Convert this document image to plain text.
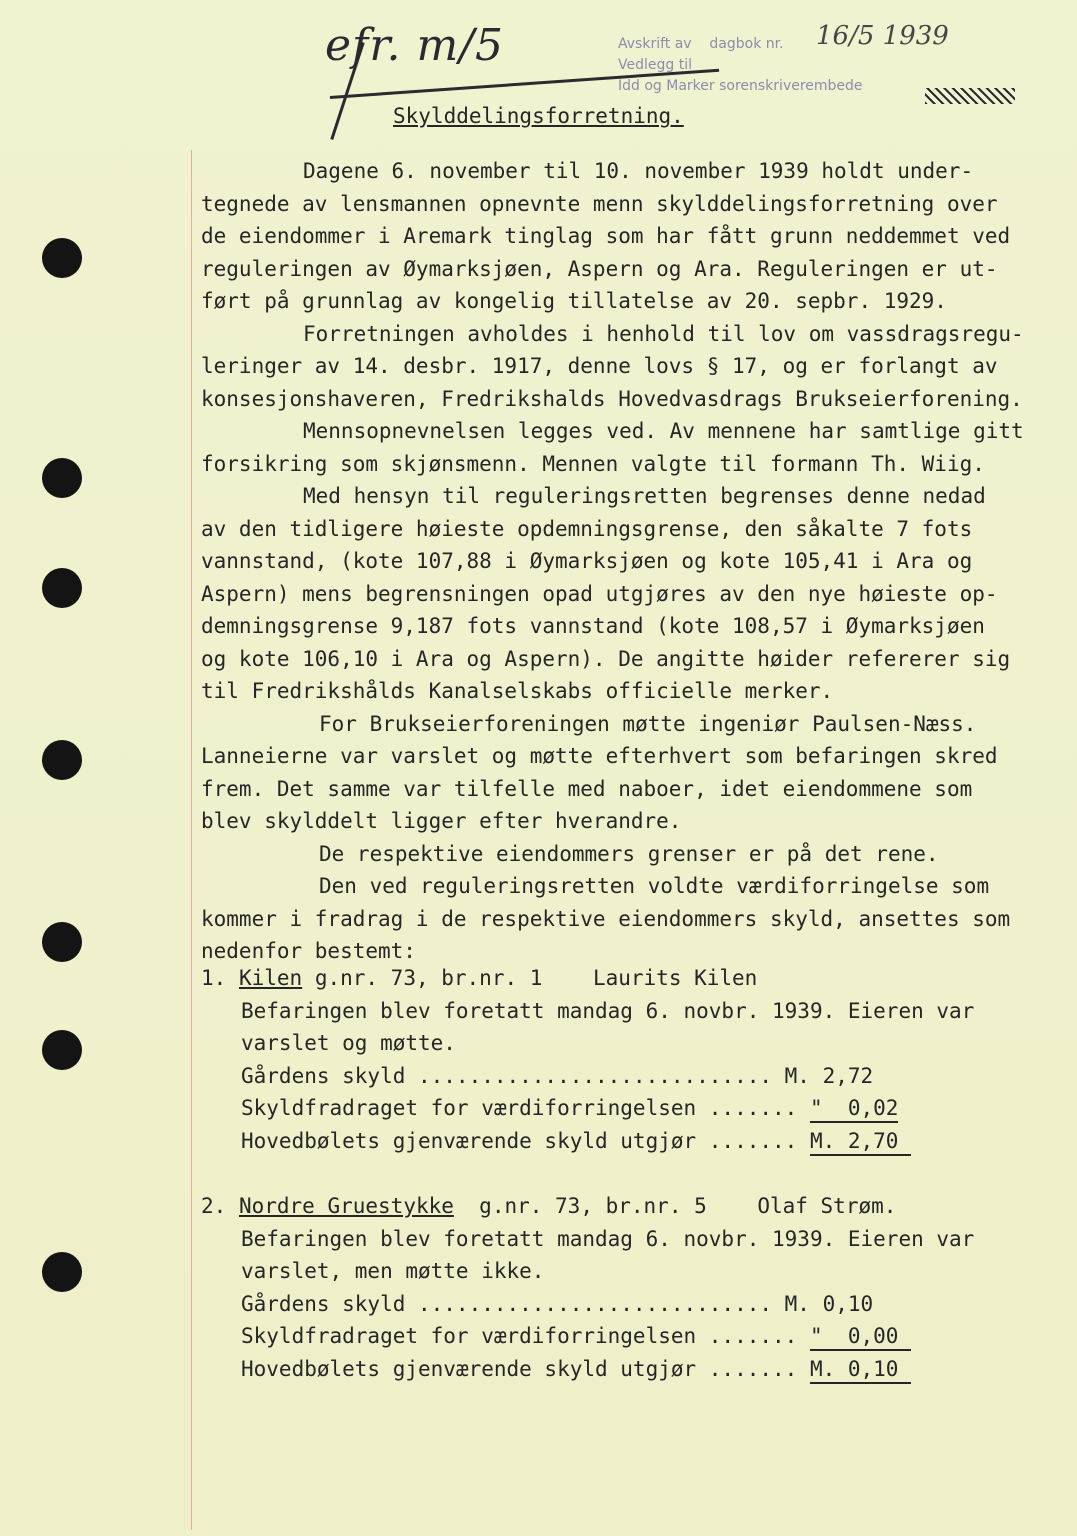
efr. m/5	Avskrift av dagbok nr.
Vedlegg til
Idd og Marker sorenskriverembede
16/5 1939
Skylddelingsforretning.
Dagene 6. november til 10. november 1939 holdt under-
tegnede av lensmannen opnevnte menn skylddelingsforretning over
de eiendommer i Aremark tinglag som har fått grunn neddemmet ved
reguleringen av Øymarksjøen, Aspern og Ara. Reguleringen er ut-
ført på grunnlag av kongelig tillatelse av 20. sepbr. 1929.
Forretningen avholdes i henhold til lov om vassdragsregu-
leringer av 14. desbr. 1917, denne lovs § 17, og er forlangt av
konsesjonshaveren, Fredrikshalds Hovedvasdrags Brukseierforening.
Mennsopnevnelsen legges ved. Av mennene har samtlige gitt
forsikring som skjønsmenn. Mennen valgte til formann Th. Wiig.
Med hensyn til reguleringsretten begrenses denne nedad
av den tidligere høieste opdemningsgrense, den såkalte 7 fots
vannstand, (kote 107,88 i Øymarksjøen og kote 105,41 i Ara og
Aspern) mens begrensningen opad utgjøres av den nye høieste op-
demningsgrense 9,187 fots vannstand (kote 108,57 i Øymarksjøen
og kote 106,10 i Ara og Aspern). De angitte høider refererer sig
til Fredrikshålds Kanalselskabs officielle merker.
For Brukseierforeningen møtte ingeniør Paulsen-Næss.
Lanneierne var varslet og møtte efterhvert som befaringen skred
frem. Det samme var tilfelle med naboer, idet eiendommene som
blev skylddelt ligger efter hverandre.
De respektive eiendommers grenser er på det rene.
Den ved reguleringsretten voldte værdiforringelse som
kommer i fradrag i de respektive eiendommers skyld, ansettes som
nedenfor bestemt:
1. Kilen g.nr. 73, br.nr. 1    Laurits Kilen
Befaringen blev foretatt mandag 6. novbr. 1939. Eieren var
varslet og møtte.
Gårdens skyld ............................ M. 2,72
Skyldfradraget for værdiforringelsen ....... "  0,02
Hovedbølets gjenværende skyld utgjør ....... M. 2,70
2. Nordre Gruestykke  g.nr. 73, br.nr. 5    Olaf Strøm.
Befaringen blev foretatt mandag 6. novbr. 1939. Eieren var
varslet, men møtte ikke.
Gårdens skyld ............................ M. 0,10
Skyldfradraget for værdiforringelsen ....... "  0,00
Hovedbølets gjenværende skyld utgjør ....... M. 0,10
